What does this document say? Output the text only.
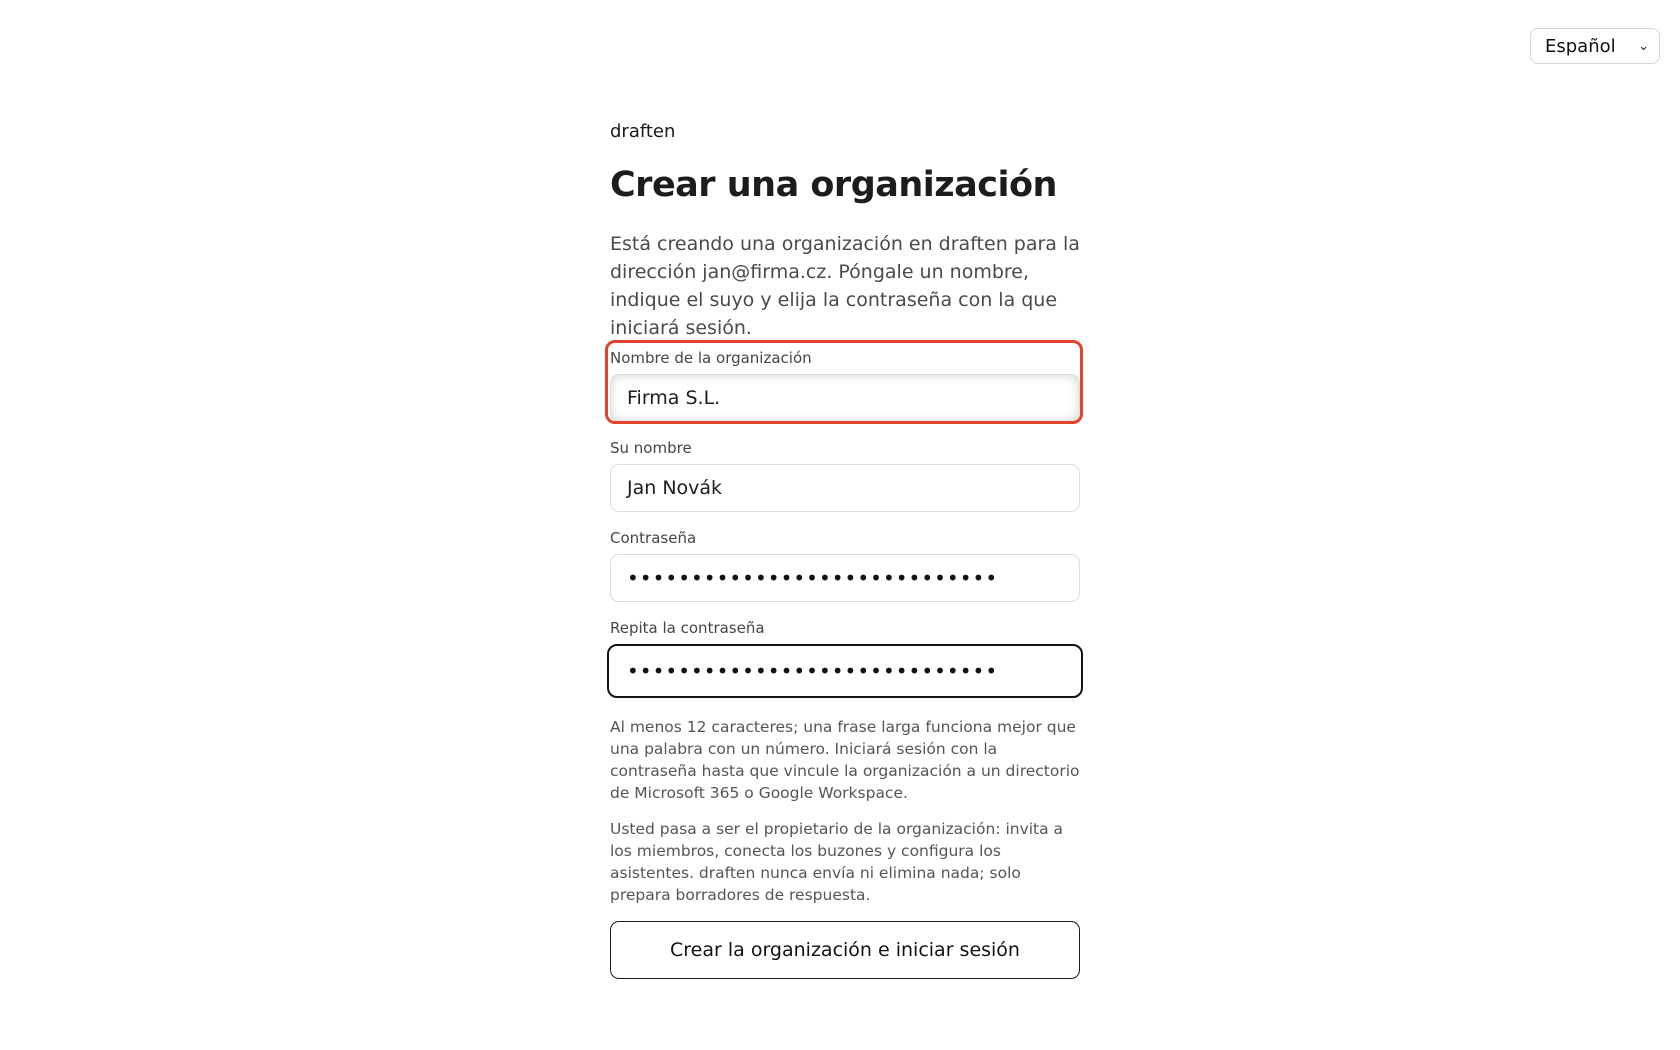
Español ⌄

draften

Crear una organización

Está creando una organización en draften para la dirección jan@firma.cz. Póngale un nombre, indique el suyo y elija la contraseña con la que iniciará sesión.

Nombre de la organización
Firma S.L.
Su nombre
Jan Novák
Contraseña
•••••••••••••••••••••••••••••
Repita la contraseña
•••••••••••••••••••••••••••••

Al menos 12 caracteres; una frase larga funciona mejor que una palabra con un número. Iniciará sesión con la contraseña hasta que vincule la organización a un directorio de Microsoft 365 o Google Workspace.

Usted pasa a ser el propietario de la organización: invita a los miembros, conecta los buzones y configura los asistentes. draften nunca envía ni elimina nada; solo prepara borradores de respuesta.

Crear la organización e iniciar sesión
